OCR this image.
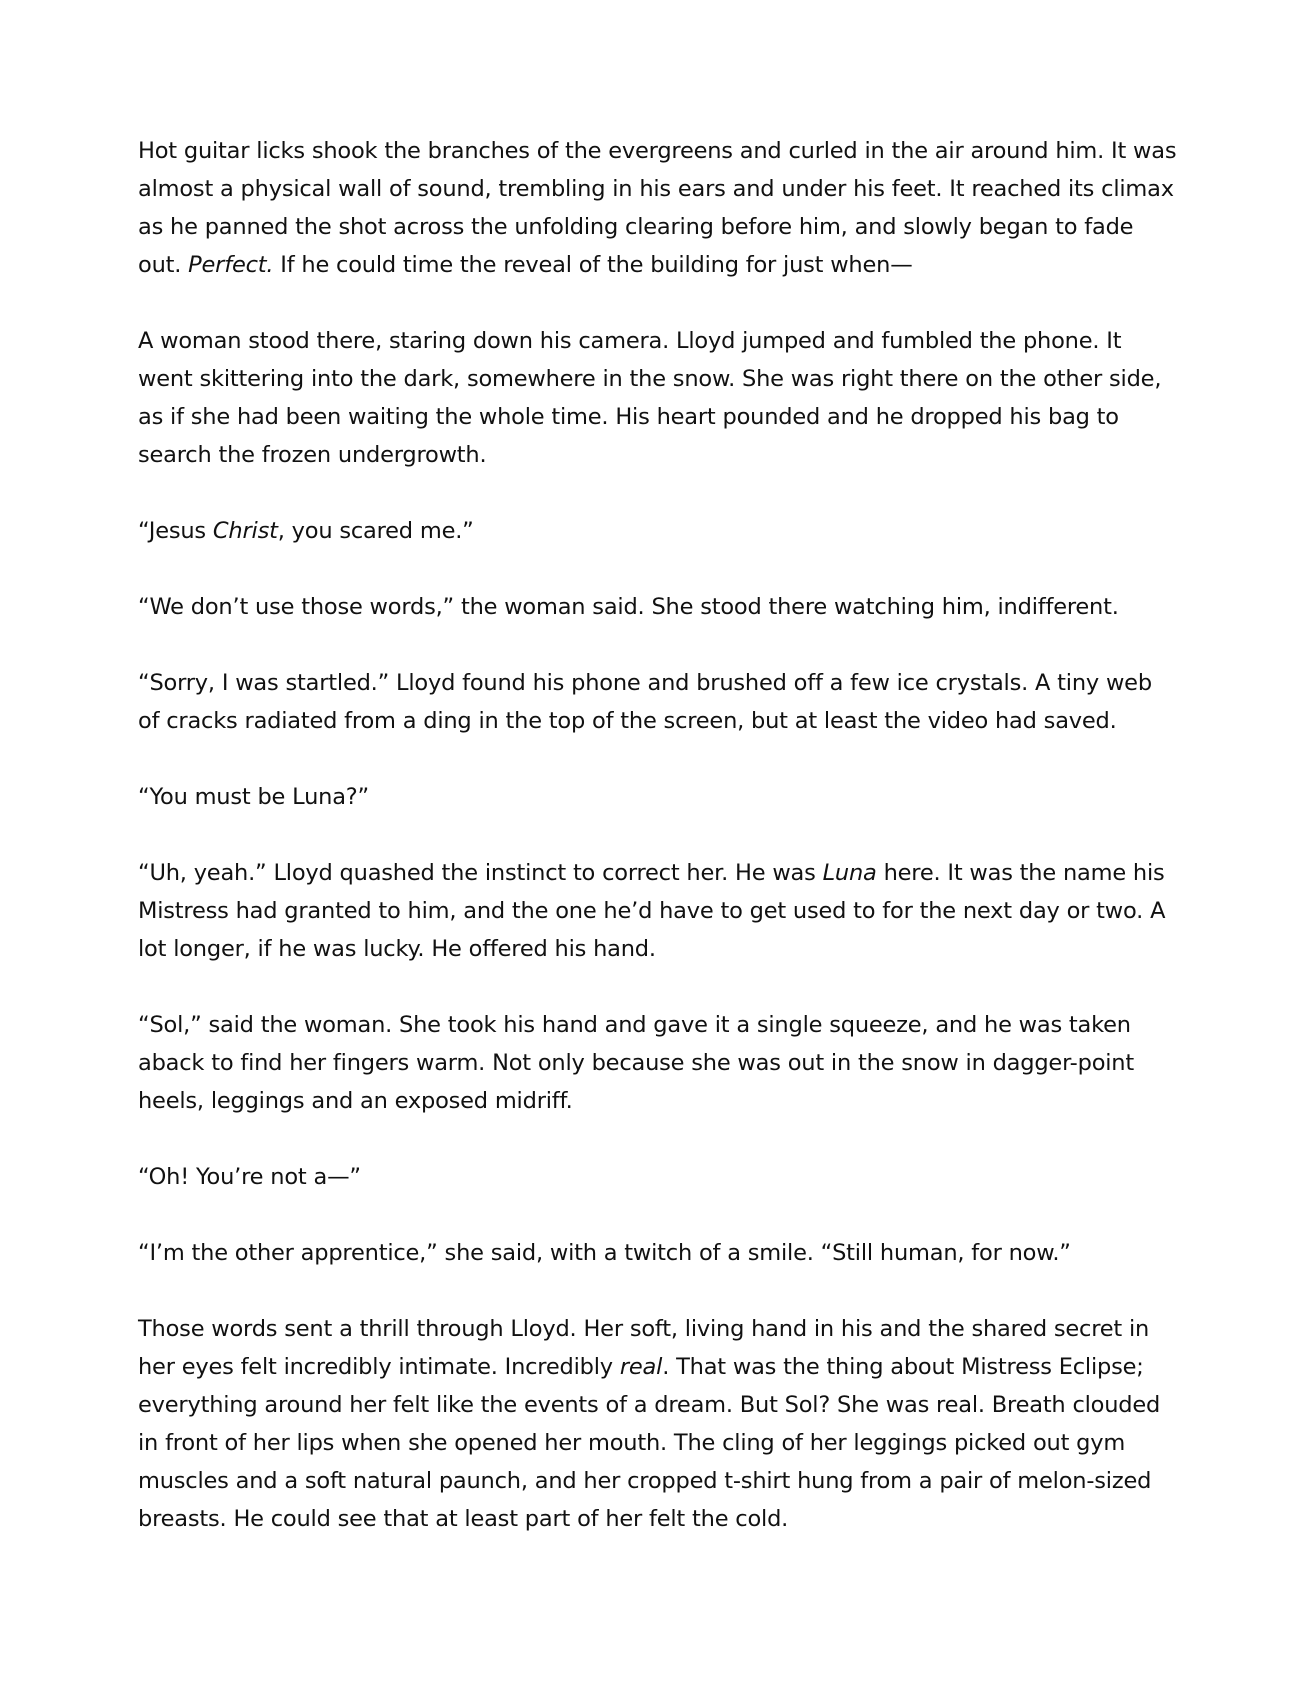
Hot guitar licks shook the branches of the evergreens and curled in the air around him. It was almost a physical wall of sound, trembling in his ears and under his feet. It reached its climax as he panned the shot across the unfolding clearing before him, and slowly began to fade out. Perfect. If he could time the reveal of the building for just when—

A woman stood there, staring down his camera. Lloyd jumped and fumbled the phone. It went skittering into the dark, somewhere in the snow. She was right there on the other side, as if she had been waiting the whole time. His heart pounded and he dropped his bag to search the frozen undergrowth.

“Jesus Christ, you scared me.”

“We don’t use those words,” the woman said. She stood there watching him, indifferent.

“Sorry, I was startled.” Lloyd found his phone and brushed off a few ice crystals. A tiny web of cracks radiated from a ding in the top of the screen, but at least the video had saved.

“You must be Luna?”

“Uh, yeah.” Lloyd quashed the instinct to correct her. He was Luna here. It was the name his Mistress had granted to him, and the one he’d have to get used to for the next day or two. A lot longer, if he was lucky. He offered his hand.

“Sol,” said the woman. She took his hand and gave it a single squeeze, and he was taken aback to find her fingers warm. Not only because she was out in the snow in dagger-point heels, leggings and an exposed midriff.

“Oh! You’re not a—”

“I’m the other apprentice,” she said, with a twitch of a smile. “Still human, for now.”

Those words sent a thrill through Lloyd. Her soft, living hand in his and the shared secret in her eyes felt incredibly intimate. Incredibly real. That was the thing about Mistress Eclipse; everything around her felt like the events of a dream. But Sol? She was real. Breath clouded in front of her lips when she opened her mouth. The cling of her leggings picked out gym muscles and a soft natural paunch, and her cropped t-shirt hung from a pair of melon-sized breasts. He could see that at least part of her felt the cold.
